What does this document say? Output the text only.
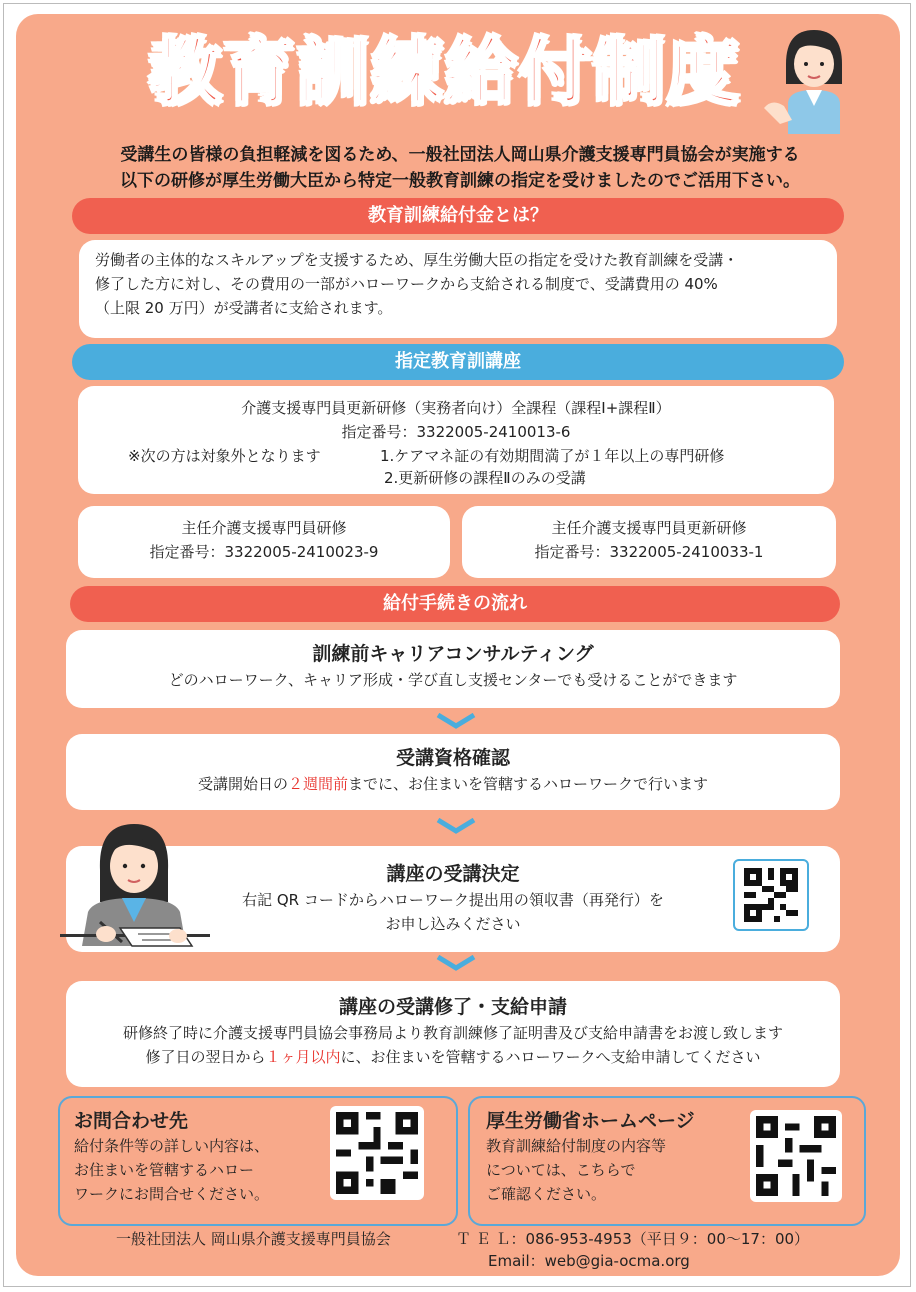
教育訓練給付制度
受講生の皆様の負担軽減を図るため、一般社団法人岡山県介護支援専門員協会が実施する
以下の研修が厚生労働大臣から特定一般教育訓練の指定を受けましたのでご活用下さい。
教育訓練給付金とは？

労働者の主体的なスキルアップを支援するため、厚生労働大臣の指定を受けた教育訓練を受講・

修了した方に対し、その費用の一部がハローワークから支給される制度で、受講費用の 40%

（上限 20 万円）が受講者に支給されます。

指定教育訓講座

介護支援専門員更新研修（実務者向け）全課程（課程Ⅰ+課程Ⅱ）

指定番号：3322005-2410013-6

※次の方は対象外となります	1.ケアマネ証の有効期間満了が１年以上の専門研修
2.更新研修の課程Ⅱのみの受講

主任介護支援専門員研修

指定番号：3322005-2410023-9

主任介護支援専門員更新研修

指定番号：3322005-2410033-1

給付手続きの流れ

訓練前キャリアコンサルティング

どのハローワーク、キャリア形成・学び直し支援センターでも受けることができます

受講資格確認

受講開始日の２週間前までに、お住まいを管轄するハローワークで行います

講座の受講決定

右記 QR コードからハローワーク提出用の領収書（再発行）を

お申し込みください

講座の受講修了・支給申請

研修終了時に介護支援専門員協会事務局より教育訓練修了証明書及び支給申請書をお渡し致します

修了日の翌日から１ヶ月以内に、お住まいを管轄するハローワークへ支給申請してください

お問合わせ先
給付条件等の詳しい内容は、
お住まいを管轄するハロー
ワークにお問合せください。
厚生労働省ホームページ
教育訓練給付制度の内容等
については、こちらで
ご確認ください。
一般社団法人 岡山県介護支援専門員協会	Ｔ Ｅ Ｌ：086-953-4953（平日９：00～17：00）
Email：web@gia-ocma.org
